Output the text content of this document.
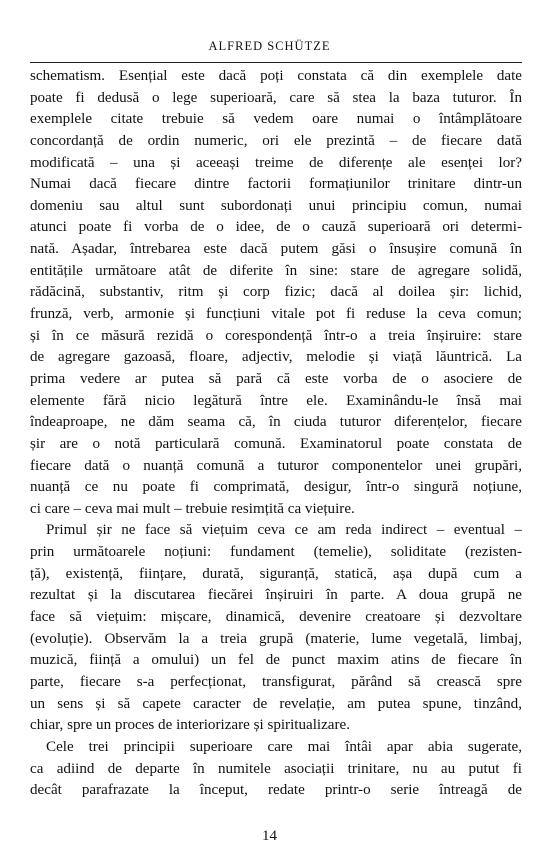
ALFRED SCHÜTZE
schematism. Esențial este dacă poți constata că din exemplele date
poate fi dedusă o lege superioară, care să stea la baza tuturor. În
exemplele citate trebuie să vedem oare numai o întâmplătoare
concordanță de ordin numeric, ori ele prezintă – de fiecare dată
modificată – una și aceeași treime de diferențe ale esenței lor?
Numai dacă fiecare dintre factorii formațiunilor trinitare dintr-un
domeniu sau altul sunt subordonați unui principiu comun, numai
atunci poate fi vorba de o idee, de o cauză superioară ori determi-
nată. Așadar, întrebarea este dacă putem găsi o însușire comună în
entitățile următoare atât de diferite în sine: stare de agregare solidă,
rădăcină, substantiv, ritm și corp fizic; dacă al doilea șir: lichid,
frunză, verb, armonie și funcțiuni vitale pot fi reduse la ceva comun;
și în ce măsură rezidă o corespondență într-o a treia înșiruire: stare
de agregare gazoasă, floare, adjectiv, melodie și viață lăuntrică. La
prima vedere ar putea să pară că este vorba de o asociere de
elemente fără nicio legătură între ele. Examinându-le însă mai
îndeaproape, ne dăm seama că, în ciuda tuturor diferențelor, fiecare
șir are o notă particulară comună. Examinatorul poate constata de
fiecare dată o nuanță comună a tuturor componentelor unei grupări,
nuanță ce nu poate fi comprimată, desigur, într-o singură noțiune,
ci care – ceva mai mult – trebuie resimțită ca viețuire.
Primul șir ne face să viețuim ceva ce am reda indirect – eventual –
prin următoarele noțiuni: fundament (temelie), soliditate (rezisten-
ță), existență, ființare, durată, siguranță, statică, așa după cum a
rezultat și la discutarea fiecărei înșiruiri în parte. A doua grupă ne
face să viețuim: mișcare, dinamică, devenire creatoare și dezvoltare
(evoluție). Observăm la a treia grupă (materie, lume vegetală, limbaj,
muzică, ființă a omului) un fel de punct maxim atins de fiecare în
parte, fiecare s-a perfecționat, transfigurat, părând să crească spre
un sens și să capete caracter de revelație, am putea spune, tinzând,
chiar, spre un proces de interiorizare și spiritualizare.
Cele trei principii superioare care mai întâi apar abia sugerate,
ca adiind de departe în numitele asociații trinitare, nu au putut fi
decât parafrazate la început, redate printr-o serie întreagă de
14
